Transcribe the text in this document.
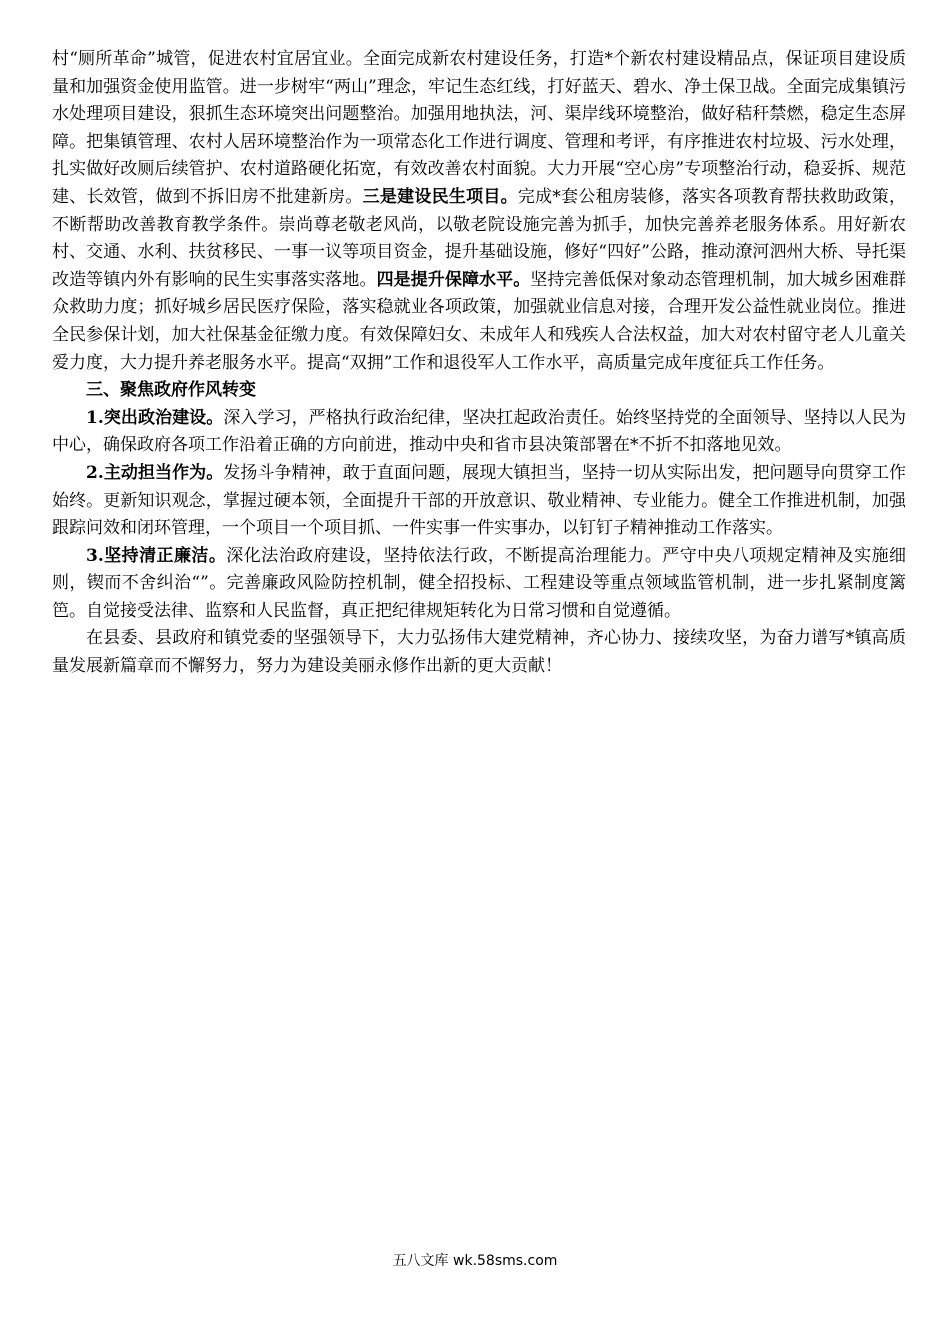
村“厕所革命”城管，促进农村宜居宜业。全面完成新农村建设任务，打造*个新农村建设精品点，保证项目建设质量和加强资金使用监管。进一步树牢“两山”理念，牢记生态红线，打好蓝天、碧水、净土保卫战。全面完成集镇污水处理项目建设，狠抓生态环境突出问题整治。加强用地执法，河、渠岸线环境整治，做好秸秆禁燃，稳定生态屏障。把集镇管理、农村人居环境整治作为一项常态化工作进行调度、管理和考评，有序推进农村垃圾、污水处理，扎实做好改厕后续管护、农村道路硬化拓宽，有效改善农村面貌。大力开展“空心房”专项整治行动，稳妥拆、规范建、长效管，做到不拆旧房不批建新房。三是建设民生项目。完成*套公租房装修，落实各项教育帮扶救助政策，不断帮助改善教育教学条件。崇尚尊老敬老风尚，以敬老院设施完善为抓手，加快完善养老服务体系。用好新农村、交通、水利、扶贫移民、一事一议等项目资金，提升基础设施，修好“四好”公路，推动潦河泗州大桥、导托渠改造等镇内外有影响的民生实事落实落地。四是提升保障水平。坚持完善低保对象动态管理机制，加大城乡困难群众救助力度；抓好城乡居民医疗保险，落实稳就业各项政策，加强就业信息对接，合理开发公益性就业岗位。推进全民参保计划，加大社保基金征缴力度。有效保障妇女、未成年人和残疾人合法权益，加大对农村留守老人儿童关爱力度，大力提升养老服务水平。提高“双拥”工作和退役军人工作水平，高质量完成年度征兵工作任务。

三、聚焦政府作风转变

1.突出政治建设。深入学习，严格执行政治纪律，坚决扛起政治责任。始终坚持党的全面领导、坚持以人民为中心，确保政府各项工作沿着正确的方向前进，推动中央和省市县决策部署在*不折不扣落地见效。

2.主动担当作为。发扬斗争精神，敢于直面问题，展现大镇担当，坚持一切从实际出发，把问题导向贯穿工作始终。更新知识观念，掌握过硬本领，全面提升干部的开放意识、敬业精神、专业能力。健全工作推进机制，加强跟踪问效和闭环管理，一个项目一个项目抓、一件实事一件实事办，以钉钉子精神推动工作落实。

3.坚持清正廉洁。深化法治政府建设，坚持依法行政，不断提高治理能力。严守中央八项规定精神及实施细则，锲而不舍纠治“”。完善廉政风险防控机制，健全招投标、工程建设等重点领域监管机制，进一步扎紧制度篱笆。自觉接受法律、监察和人民监督，真正把纪律规矩转化为日常习惯和自觉遵循。

在县委、县政府和镇党委的坚强领导下，大力弘扬伟大建党精神，齐心协力、接续攻坚，为奋力谱写*镇高质量发展新篇章而不懈努力，努力为建设美丽永修作出新的更大贡献！

五八文库 wk.58sms.com
